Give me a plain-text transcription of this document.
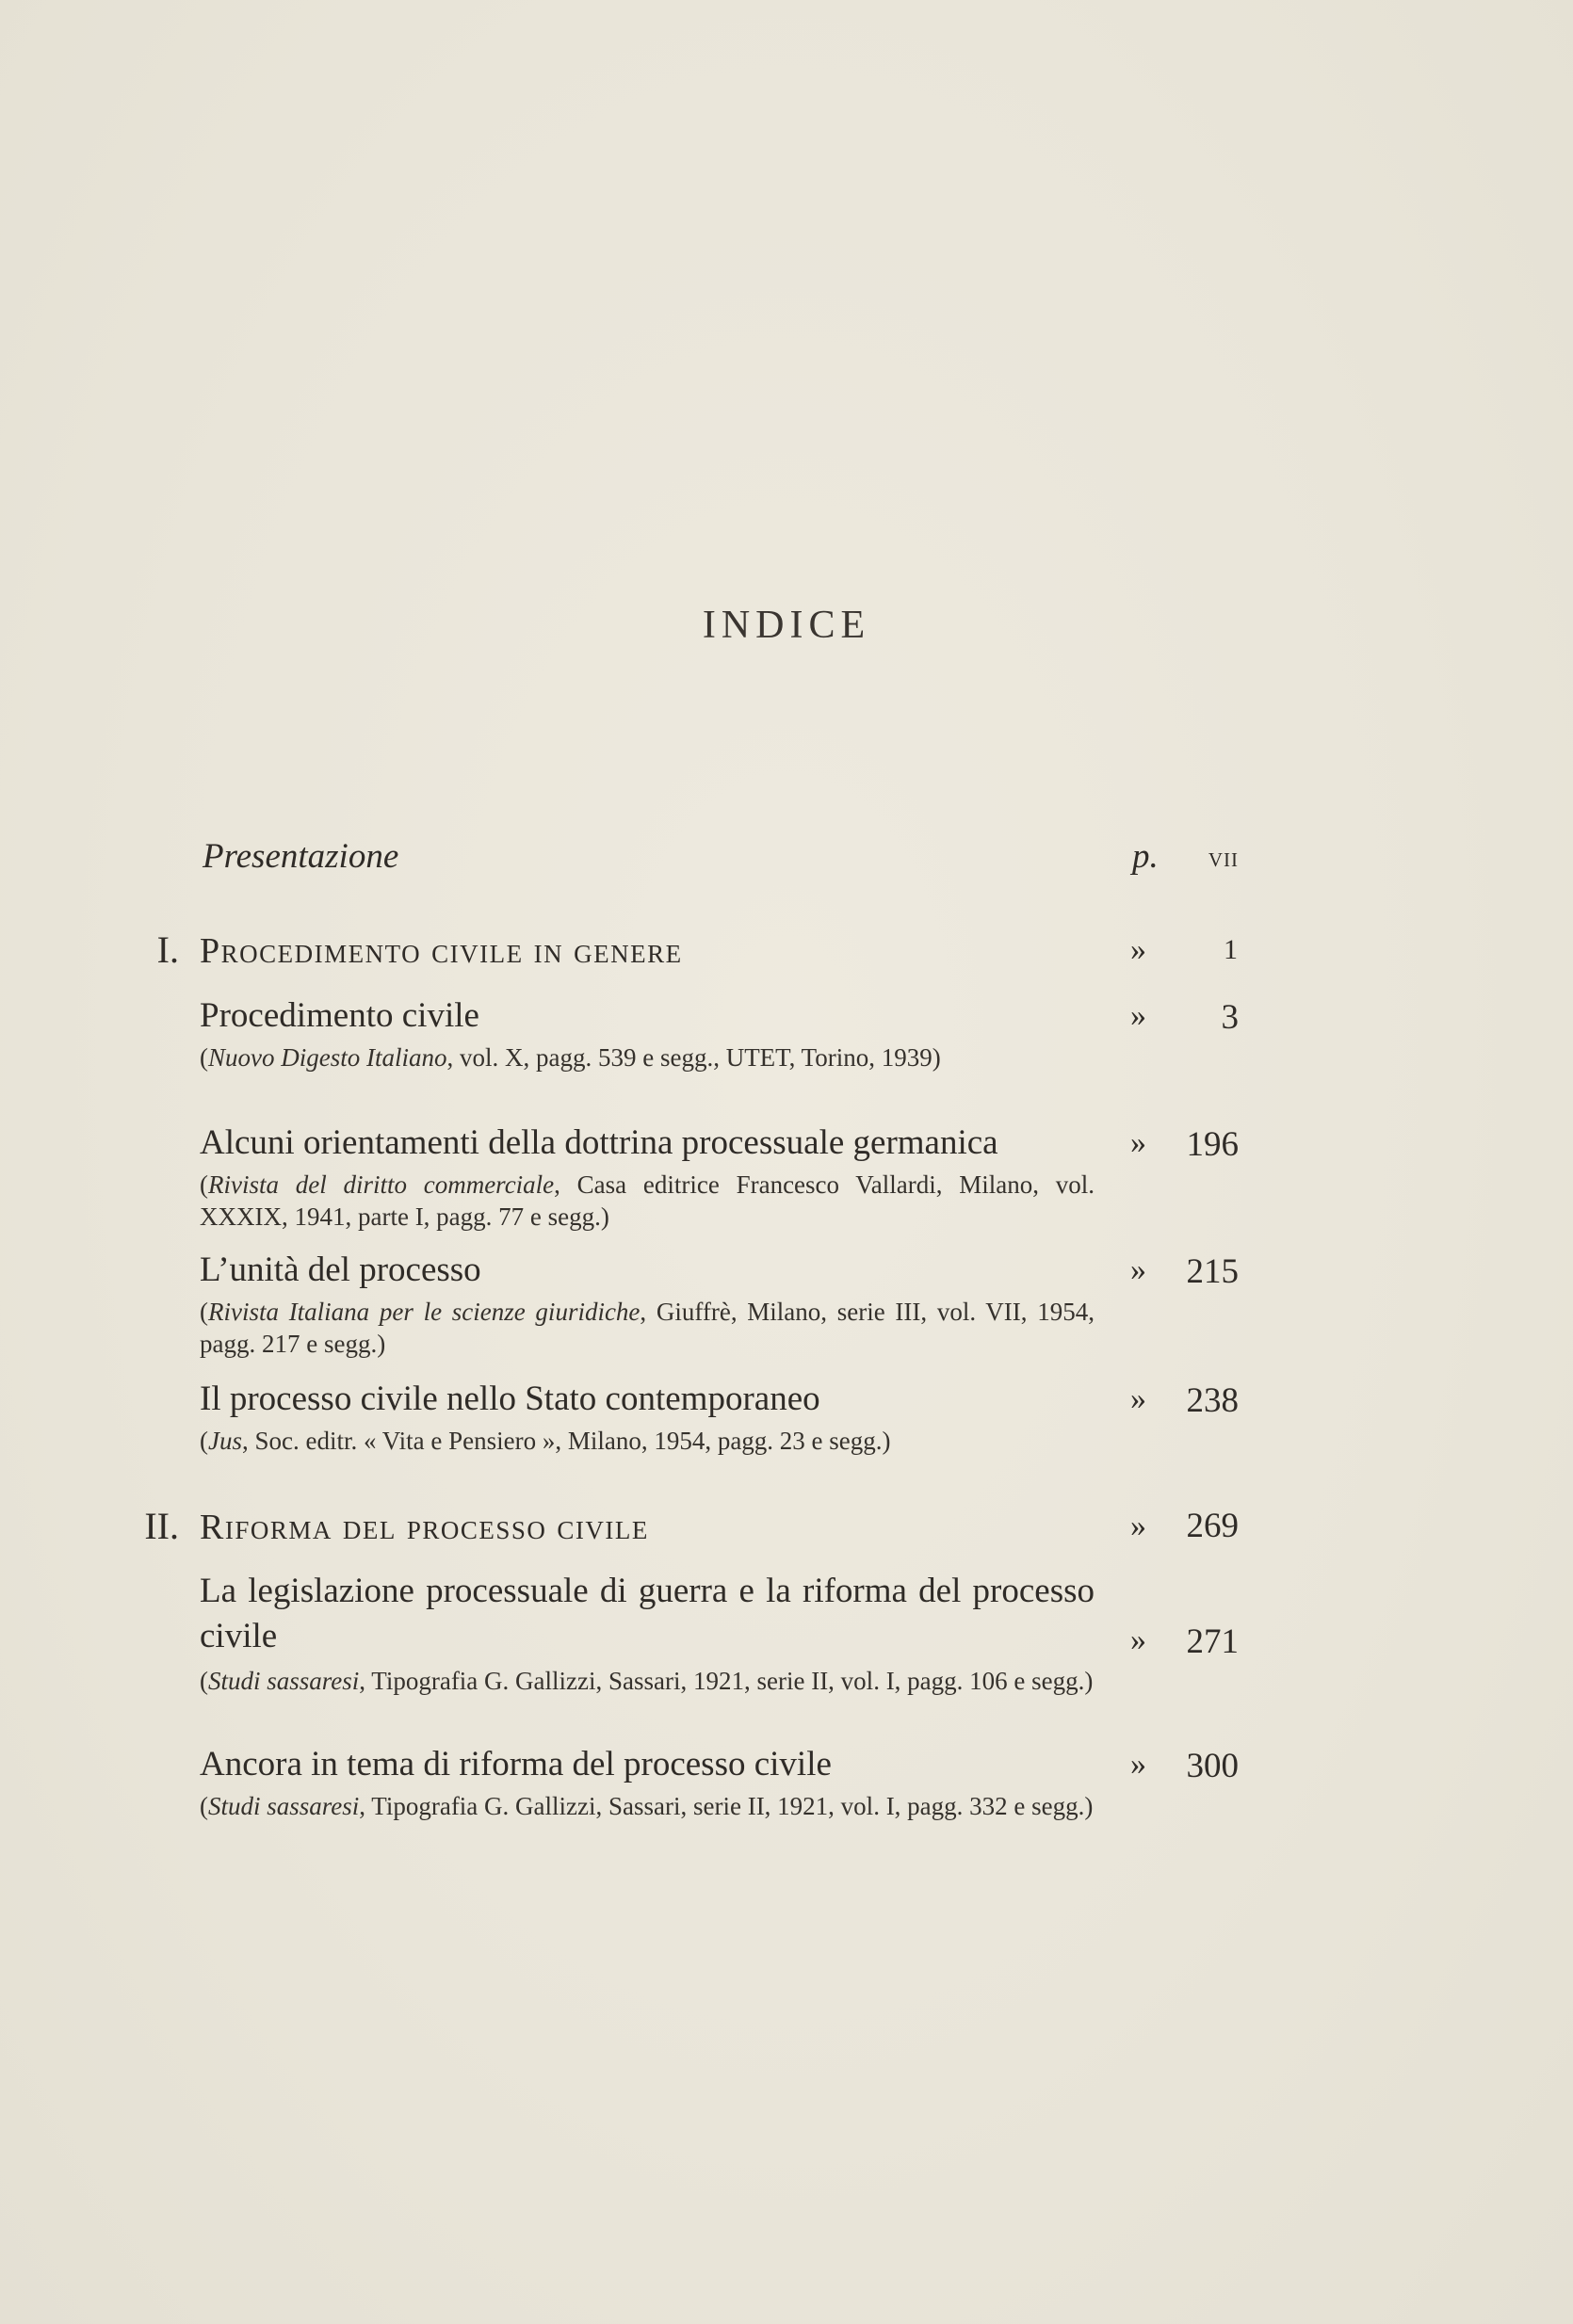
INDICE
Presentazione	p. vii
I. Procedimento civile in genere	»	1
Procedimento civile	» 3
(Nuovo Digesto Italiano, vol. X, pagg. 539 e segg., UTET, Torino, 1939)
Alcuni orientamenti della dottrina processuale germanica	» 196
(Rivista del diritto commerciale, Casa editrice Francesco Vallardi, Milano, vol. XXXIX, 1941, parte I, pagg. 77 e segg.)
L’unità del processo	» 215
(Rivista Italiana per le scienze giuridiche, Giuffrè, Milano, serie III, vol. VII, 1954, pagg. 217 e segg.)
Il processo civile nello Stato contemporaneo	» 238
(Jus, Soc. editr. « Vita e Pensiero », Milano, 1954, pagg. 23 e segg.)
II. Riforma del processo civile	» 269
La legislazione processuale di guerra e la riforma del processo civile	» 271
(Studi sassaresi, Tipografia G. Gallizzi, Sassari, 1921, serie II, vol. I, pagg. 106 e segg.)
Ancora in tema di riforma del processo civile	» 300
(Studi sassaresi, Tipografia G. Gallizzi, Sassari, serie II, 1921, vol. I, pagg. 332 e segg.)
